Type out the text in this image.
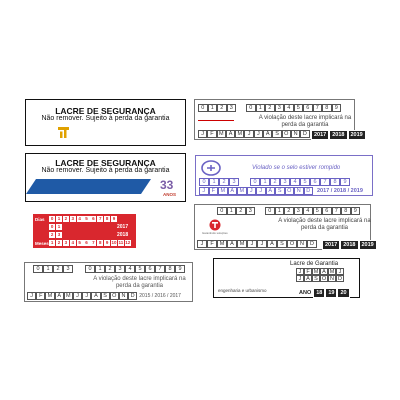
LACRE DE SEGURANÇA
Não remover. Sujeito à perda da garantia
0	1	2	3	0	1	2	3	4	5	6	7	8	9
A violação deste lacre implicará na perda da garantia
J	F M A M	J	J	A	S O N D	2017	2018	2019
LACRE DE SEGURANÇA
Não remover. Sujeito à perda da garantia
33
ANOS
Violado se o selo estiver rompido
0	1	2	3	0	1	2	3	4	5	6	7	8	9
J	F	M A M	J	J	A	S	O N	D	2017 / 2018 / 2019
Dias	0 1 2 3 4 5 6 7 8 9
0 1	2017
2 3	2018
Meses 1 2 3 4 5 6 7 8 9 10 11 12
0	1	2	3	0	1	2	3	4	5	6	7	8	9
Garantindo soluções
A violação deste lacre implicará na perda da garantia
J	F	M	A	M	J	J	A	S	O	N	D	2017	2018	2019
0	1	2	3	0	1	2	3	4	5	6	7	8	9
A violação deste lacre implicará na perda da garantia
J	F M A M	J	J	A	S O N D 2015 / 2016 / 2017
Lacre de Garantia
J F M A M J
J A S O N D
engenharia e urbanismo	ANO 18	19	20
